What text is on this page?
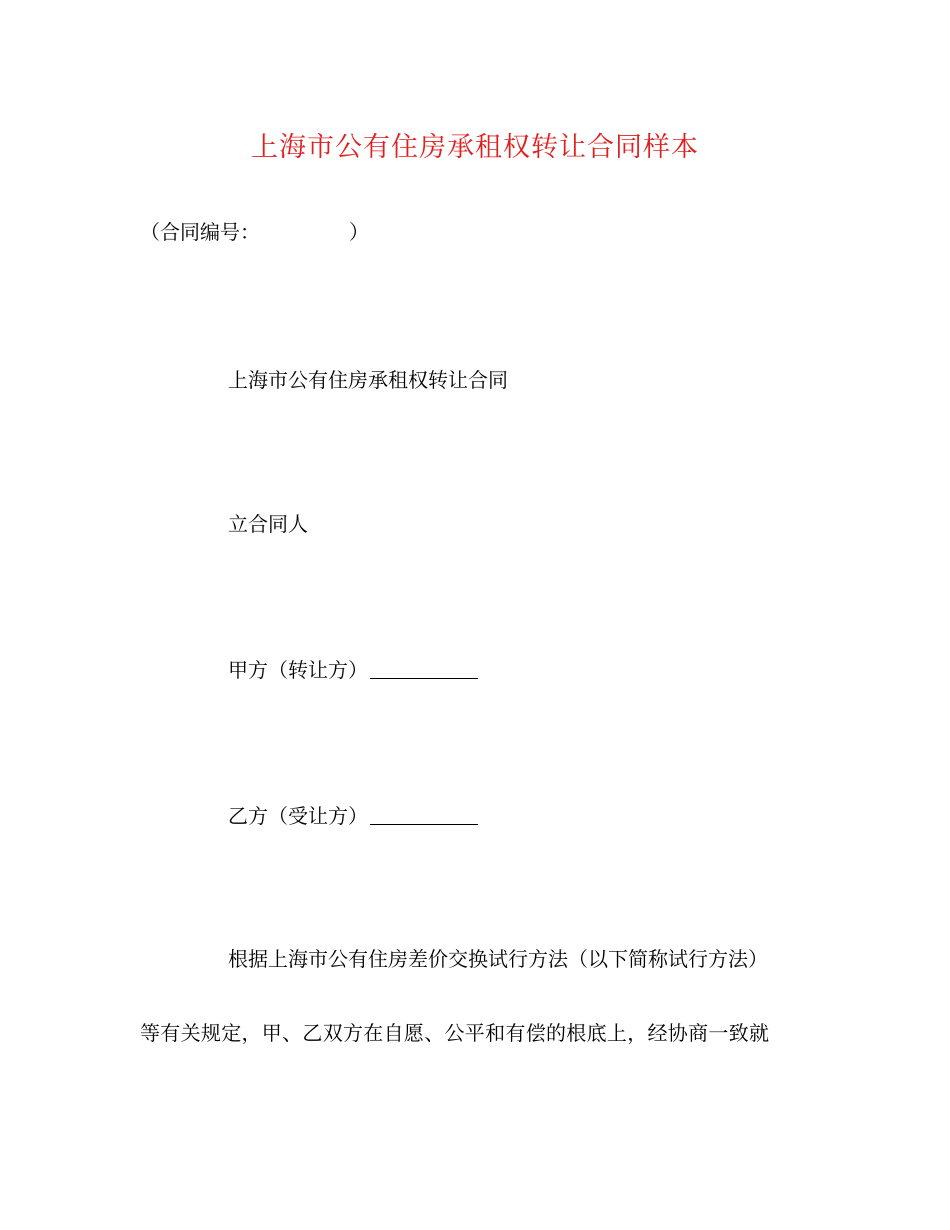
上海市公有住房承租权转让合同样本
（合同编号：	）
上海市公有住房承租权转让合同
立合同人
甲方（转让方）
乙方（受让方）
根据上海市公有住房差价交换试行方法（以下简称试行方法）
等有关规定，甲、乙双方在自愿、公平和有偿的根底上，经协商一致就
